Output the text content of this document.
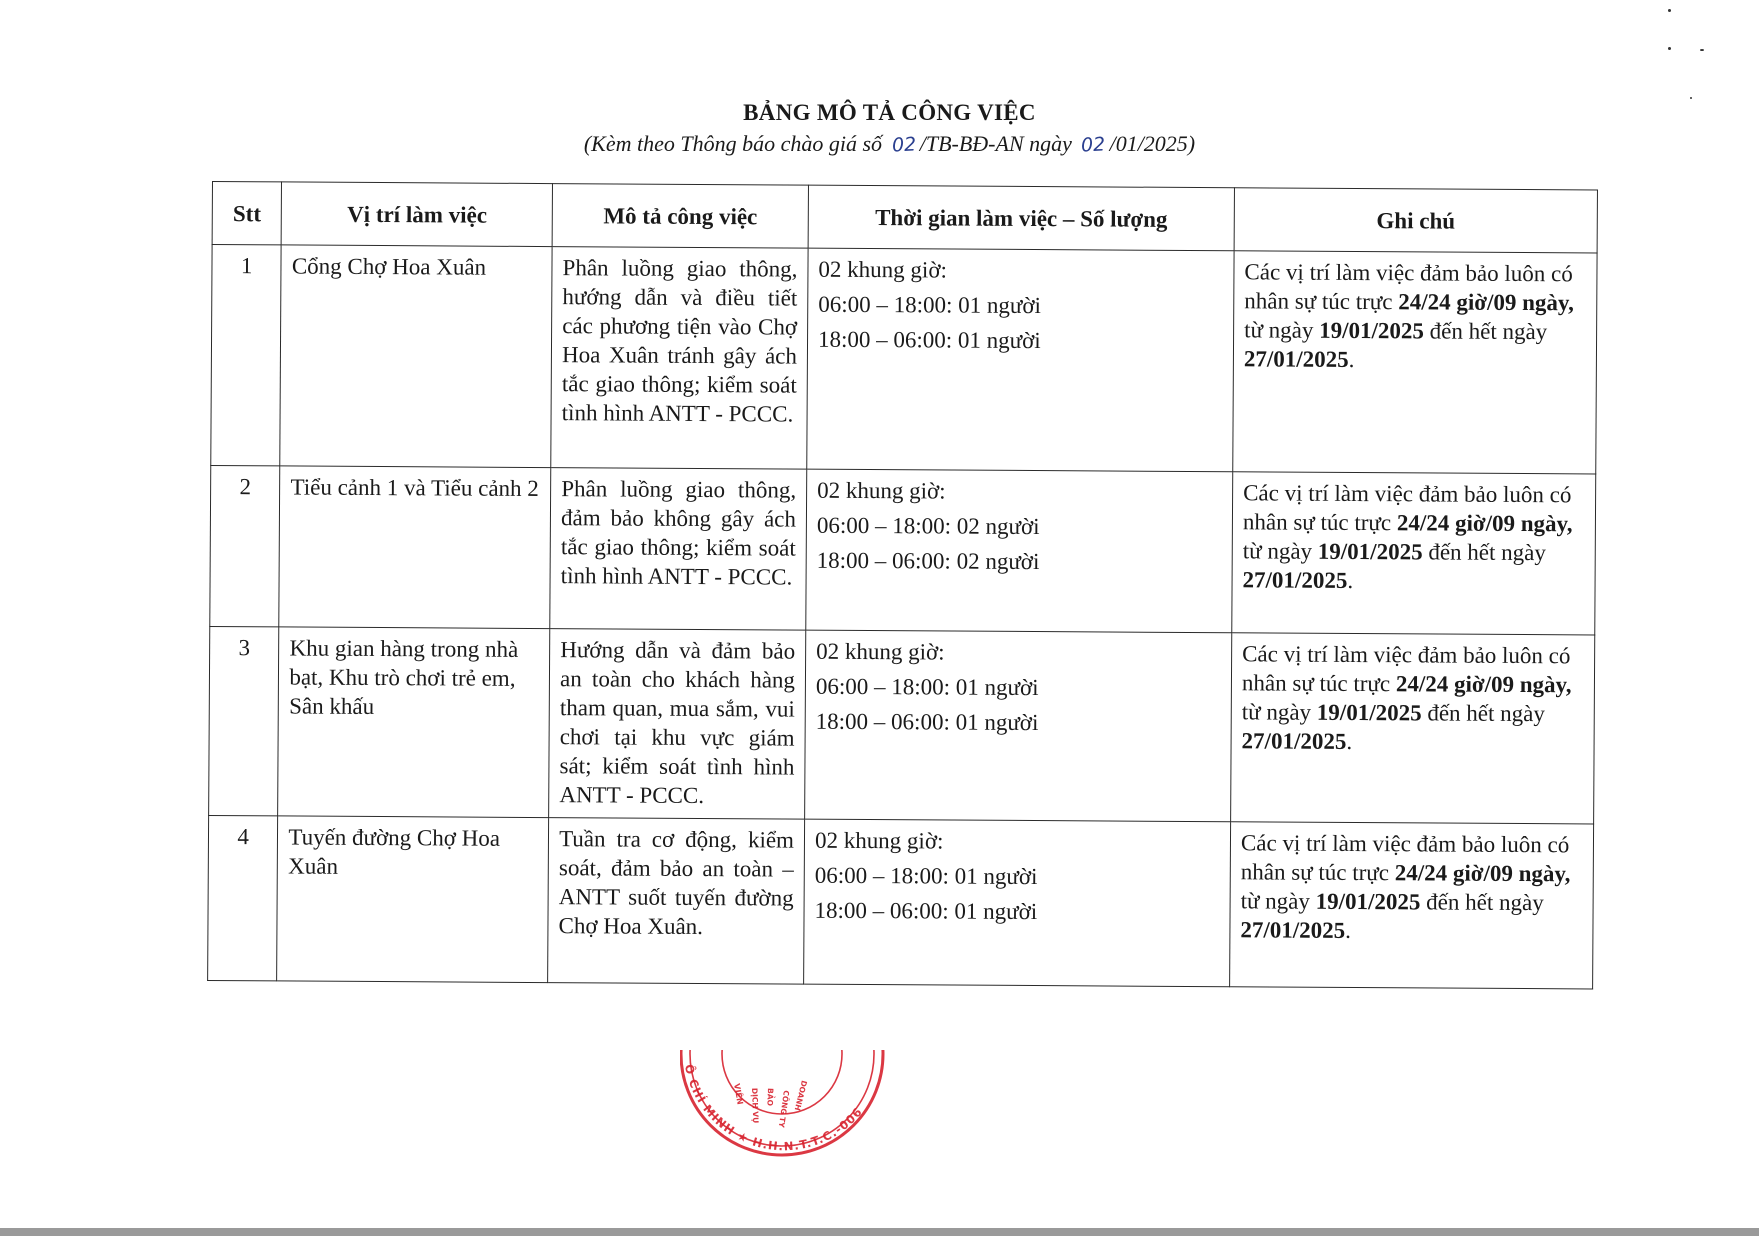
BẢNG MÔ TẢ CÔNG VIỆC
(Kèm theo Thông báo chào giá số 02 /TB-BĐ-AN ngày 02 /01/2025)
Stt	Vị trí làm việc	Mô tả công việc	Thời gian làm việc – Số lượng	Ghi chú
1	Cổng Chợ Hoa Xuân	Phân luồng giao thông, hướng dẫn và điều tiết các phương tiện vào Chợ Hoa Xuân tránh gây ách tắc giao thông; kiểm soát tình hình ANTT - PCCC.	02 khung giờ:
06:00 – 18:00: 01 người
18:00 – 06:00: 01 người	Các vị trí làm việc đảm bảo luôn có nhân sự túc trực 24/24 giờ/09 ngày, từ ngày 19/01/2025 đến hết ngày 27/01/2025.

2	Tiểu cảnh 1 và Tiểu cảnh 2	Phân luồng giao thông, đảm bảo không gây ách tắc giao thông; kiểm soát tình hình ANTT - PCCC.	02 khung giờ:
06:00 – 18:00: 02 người
18:00 – 06:00: 02 người	Các vị trí làm việc đảm bảo luôn có nhân sự túc trực 24/24 giờ/09 ngày, từ ngày 19/01/2025 đến hết ngày 27/01/2025.

3	Khu gian hàng trong nhà bạt, Khu trò chơi trẻ em, Sân khấu	Hướng dẫn và đảm bảo an toàn cho khách hàng tham quan, mua sắm, vui chơi tại khu vực giám sát; kiểm soát tình hình ANTT - PCCC.	02 khung giờ:
06:00 – 18:00: 01 người
18:00 – 06:00: 01 người	Các vị trí làm việc đảm bảo luôn có nhân sự túc trực 24/24 giờ/09 ngày, từ ngày 19/01/2025 đến hết ngày 27/01/2025.

4	Tuyến đường Chợ Hoa Xuân	Tuần tra cơ động, kiểm soát, đảm bảo an toàn – ANTT suốt tuyến đường Chợ Hoa Xuân.	02 khung giờ:
06:00 – 18:00: 01 người
18:00 – 06:00: 01 người	Các vị trí làm việc đảm bảo luôn có nhân sự túc trực 24/24 giờ/09 ngày, từ ngày 19/01/2025 đến hết ngày 27/01/2025.
Ô CHÍ MINH ★ H.H.N.T.T.C.-006
VIÊN DỊCH VỤ BẢO CÔNG TY DOANH
